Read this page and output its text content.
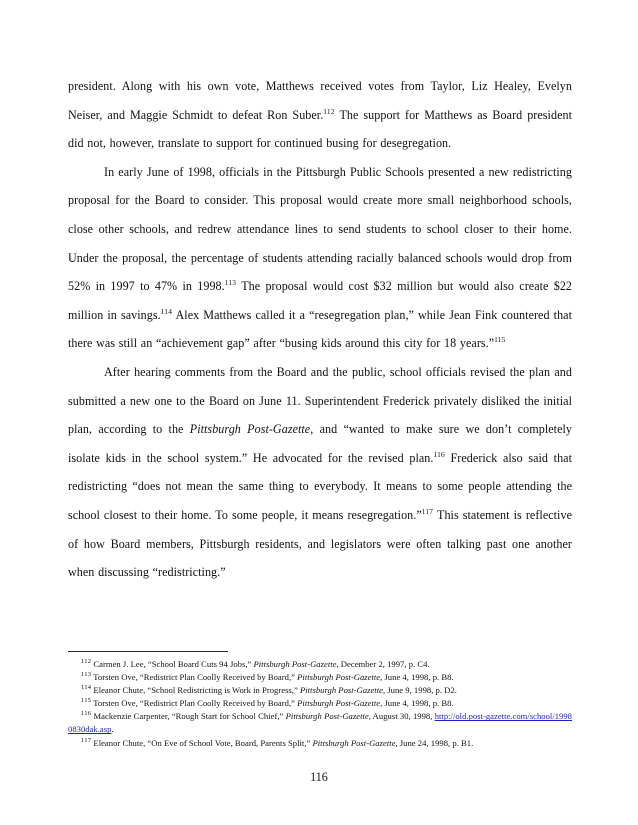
president. Along with his own vote, Matthews received votes from Taylor, Liz Healey, Evelyn Neiser, and Maggie Schmidt to defeat Ron Suber.$^{112}$ The support for Matthews as Board president did not, however, translate to support for continued busing for desegregation.

In early June of 1998, officials in the Pittsburgh Public Schools presented a new redistricting proposal for the Board to consider. This proposal would create more small neighborhood schools, close other schools, and redrew attendance lines to send students to school closer to their home. Under the proposal, the percentage of students attending racially balanced schools would drop from 52% in 1997 to 47% in 1998.$^{113}$ The proposal would cost $32 million but would also create $22 million in savings.$^{114}$ Alex Matthews called it a “resegregation plan,” while Jean Fink countered that there was still an “achievement gap” after “busing kids around this city for 18 years.”$^{115}$

After hearing comments from the Board and the public, school officials revised the plan and submitted a new one to the Board on June 11. Superintendent Frederick privately disliked the initial plan, according to the Pittsburgh Post-Gazette, and “wanted to make sure we don’t completely isolate kids in the school system.” He advocated for the revised plan.$^{116}$ Frederick also said that redistricting “does not mean the same thing to everybody. It means to some people attending the school closest to their home. To some people, it means resegregation.”$^{117}$ This statement is reflective of how Board members, Pittsburgh residents, and legislators were often talking past one another when discussing “redistricting.”

$^{112}$ Carmen J. Lee, “School Board Cuts 94 Jobs,” Pittsburgh Post-Gazette, December 2, 1997, p. C4.

$^{113}$ Torsten Ove, “Redistrict Plan Coolly Received by Board,” Pittsburgh Post-Gazette, June 4, 1998, p. B8.

$^{114}$ Eleanor Chute, “School Redistricting is Work in Progress,” Pittsburgh Post-Gazette, June 9, 1998, p. D2.

$^{115}$ Torsten Ove, “Redistrict Plan Coolly Received by Board,” Pittsburgh Post-Gazette, June 4, 1998, p. B8.

$^{116}$ Mackenzie Carpenter, “Rough Start for School Chief,” Pittsburgh Post-Gazette, August 30, 1998, http://old.post-gazette.com/school/19980830dak.asp.

$^{117}$ Eleanor Chute, “On Eve of School Vote, Board, Parents Split,” Pittsburgh Post-Gazette, June 24, 1998, p. B1.

116
